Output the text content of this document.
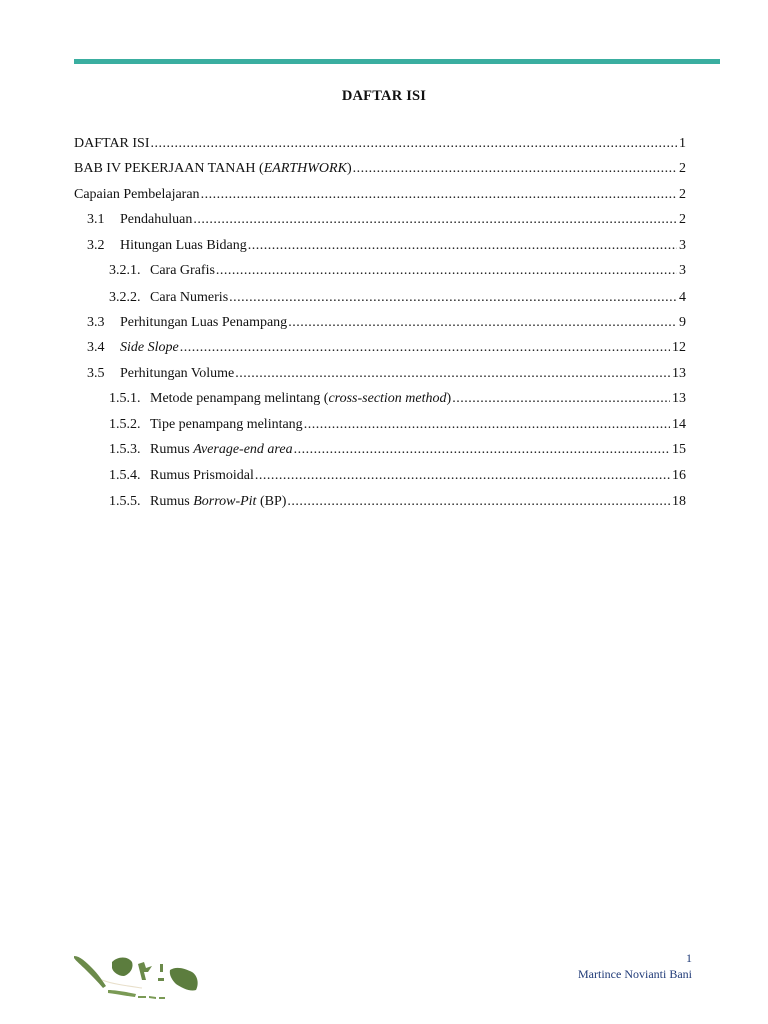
DAFTAR ISI
DAFTAR ISI .....	1
BAB IV PEKERJAAN TANAH (EARTHWORK) .....	2
Capaian Pembelajaran .....	2
3.1	Pendahuluan .....	2
3.2	Hitungan Luas Bidang .....	3
3.2.1. Cara Grafis .....	3
3.2.2. Cara Numeris .....	4
3.3	Perhitungan Luas Penampang .....	9
3.4	Side Slope .....	12
3.5	Perhitungan Volume .....	13
1.5.1. Metode penampang melintang (cross-section method) .....	13
1.5.2. Tipe penampang melintang .....	14
1.5.3. Rumus Average-end area .....	15
1.5.4. Rumus Prismoidal .....	16
1.5.5. Rumus Borrow-Pit (BP) .....	18
1
Martince Novianti Bani
